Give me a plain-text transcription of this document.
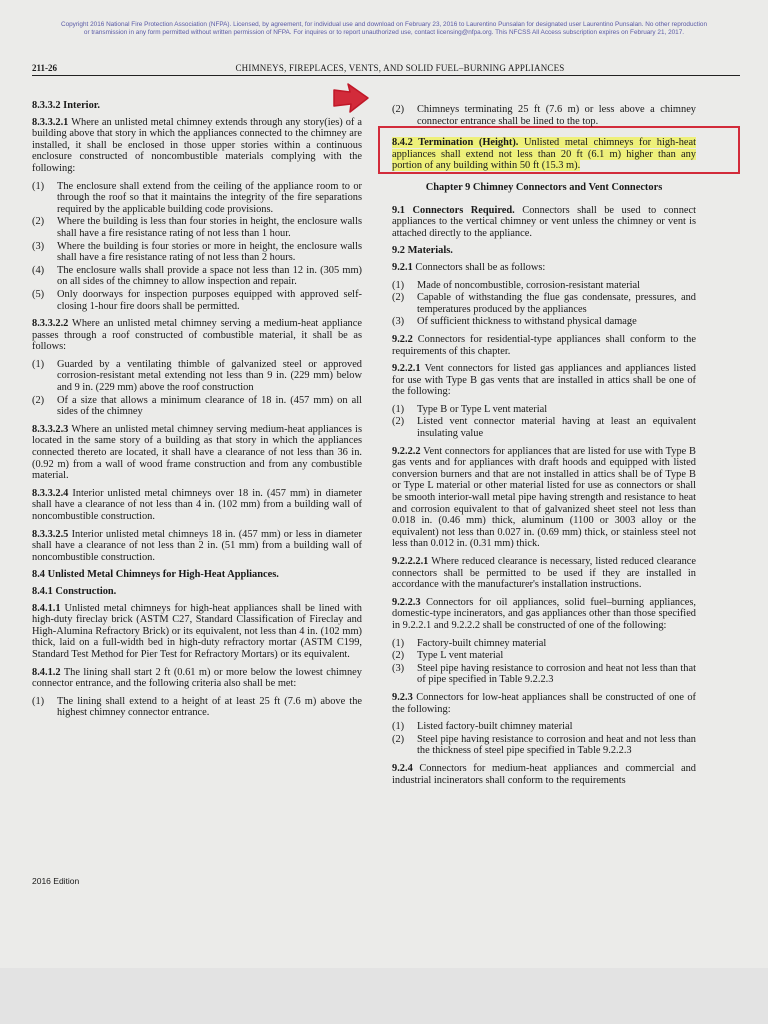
Copyright 2016 National Fire Protection Association (NFPA). Licensed, by agreement, for individual use and download on February 23, 2016 to Laurentino Punsalan for designated user Laurentino Punsalan. No other reproduction
or transmission in any form permitted without written permission of NFPA. For inquires or to report unauthorized use, contact licensing@nfpa.org. This NFCSS All Access subscription expires on February 21, 2017.
211-26	CHIMNEYS, FIREPLACES, VENTS, AND SOLID FUEL–BURNING APPLIANCES
8.3.3.2 Interior.

8.3.3.2.1 Where an unlisted metal chimney extends through any story(ies) of a building above that story in which the appliances connected to the chimney are installed, it shall be enclosed in those upper stories within a continuous enclosure constructed of noncombustible materials complying with the following:

(1) The enclosure shall extend from the ceiling of the appliance room to or through the roof so that it maintains the integrity of the fire separations required by the applicable building code provisions.
(2) Where the building is less than four stories in height, the enclosure walls shall have a fire resistance rating of not less than 1 hour.
(3) Where the building is four stories or more in height, the enclosure walls shall have a fire resistance rating of not less than 2 hours.
(4) The enclosure walls shall provide a space not less than 12 in. (305 mm) on all sides of the chimney to allow inspection and repair.
(5) Only doorways for inspection purposes equipped with approved self-closing 1-hour fire doors shall be permitted.

8.3.3.2.2 Where an unlisted metal chimney serving a medium-heat appliance passes through a roof constructed of combustible material, it shall be as follows:

(1) Guarded by a ventilating thimble of galvanized steel or approved corrosion-resistant metal extending not less than 9 in. (229 mm) below and 9 in. (229 mm) above the roof construction
(2) Of a size that allows a minimum clearance of 18 in. (457 mm) on all sides of the chimney

8.3.3.2.3 Where an unlisted metal chimney serving medium-heat appliances is located in the same story of a building as that story in which the appliances connected thereto are located, it shall have a clearance of not less than 36 in. (0.92 m) from a wall of wood frame construction and from any combustible material.

8.3.3.2.4 Interior unlisted metal chimneys over 18 in. (457 mm) in diameter shall have a clearance of not less than 4 in. (102 mm) from a building wall of noncombustible construction.

8.3.3.2.5 Interior unlisted metal chimneys 18 in. (457 mm) or less in diameter shall have a clearance of not less than 2 in. (51 mm) from a building wall of noncombustible construction.

8.4 Unlisted Metal Chimneys for High-Heat Appliances.
8.4.1 Construction.

8.4.1.1 Unlisted metal chimneys for high-heat appliances shall be lined with high-duty fireclay brick (ASTM C27, Standard Classification of Fireclay and High-Alumina Refractory Brick) or its equivalent, not less than 4 in. (102 mm) thick, laid on a full-width bed in high-duty refractory mortar (ASTM C199, Standard Test Method for Pier Test for Refractory Mortars) or its equivalent.

8.4.1.2 The lining shall start 2 ft (0.61 m) or more below the lowest chimney connector entrance, and the following criteria also shall be met:

(1) The lining shall extend to a height of at least 25 ft (7.6 m) above the highest chimney connector entrance.
2016 Edition
(2) Chimneys terminating 25 ft (7.6 m) or less above a chimney connector entrance shall be lined to the top.

8.4.2 Termination (Height). Unlisted metal chimneys for high-heat appliances shall extend not less than 20 ft (6.1 m) higher than any portion of any building within 50 ft (15.3 m).

Chapter 9 Chimney Connectors and Vent Connectors

9.1 Connectors Required. Connectors shall be used to connect appliances to the vertical chimney or vent unless the chimney or vent is attached directly to the appliance.

9.2 Materials.

9.2.1 Connectors shall be as follows:

(1) Made of noncombustible, corrosion-resistant material
(2) Capable of withstanding the flue gas condensate, pressures, and temperatures produced by the appliances
(3) Of sufficient thickness to withstand physical damage

9.2.2 Connectors for residential-type appliances shall conform to the requirements of this chapter.

9.2.2.1 Vent connectors for listed gas appliances and appliances listed for use with Type B gas vents that are installed in attics shall be one of the following:

(1) Type B or Type L vent material
(2) Listed vent connector material having at least an equivalent insulating value

9.2.2.2 Vent connectors for appliances that are listed for use with Type B gas vents and for appliances with draft hoods and equipped with listed conversion burners and that are not installed in attics shall be of Type B or Type L material or other material listed for use as connectors or shall be smooth interior-wall metal pipe having strength and resistance to heat and corrosion equivalent to that of galvanized sheet steel not less than 0.018 in. (0.46 mm) thick, aluminum (1100 or 3003 alloy or the equivalent) not less than 0.027 in. (0.69 mm) thick, or stainless steel not less than 0.012 in. (0.31 mm) thick.

9.2.2.2.1 Where reduced clearance is necessary, listed reduced clearance connectors shall be permitted to be used if they are installed in accordance with the manufacturer's installation instructions.

9.2.2.3 Connectors for oil appliances, solid fuel–burning appliances, domestic-type incinerators, and gas appliances other than those specified in 9.2.2.1 and 9.2.2.2 shall be constructed of one of the following:

(1) Factory-built chimney material
(2) Type L vent material
(3) Steel pipe having resistance to corrosion and heat not less than that of pipe specified in Table 9.2.2.3

9.2.3 Connectors for low-heat appliances shall be constructed of one of the following:

(1) Listed factory-built chimney material
(2) Steel pipe having resistance to corrosion and heat and not less than the thickness of steel pipe specified in Table 9.2.2.3

9.2.4 Connectors for medium-heat appliances and commercial and industrial incinerators shall conform to the requirements
